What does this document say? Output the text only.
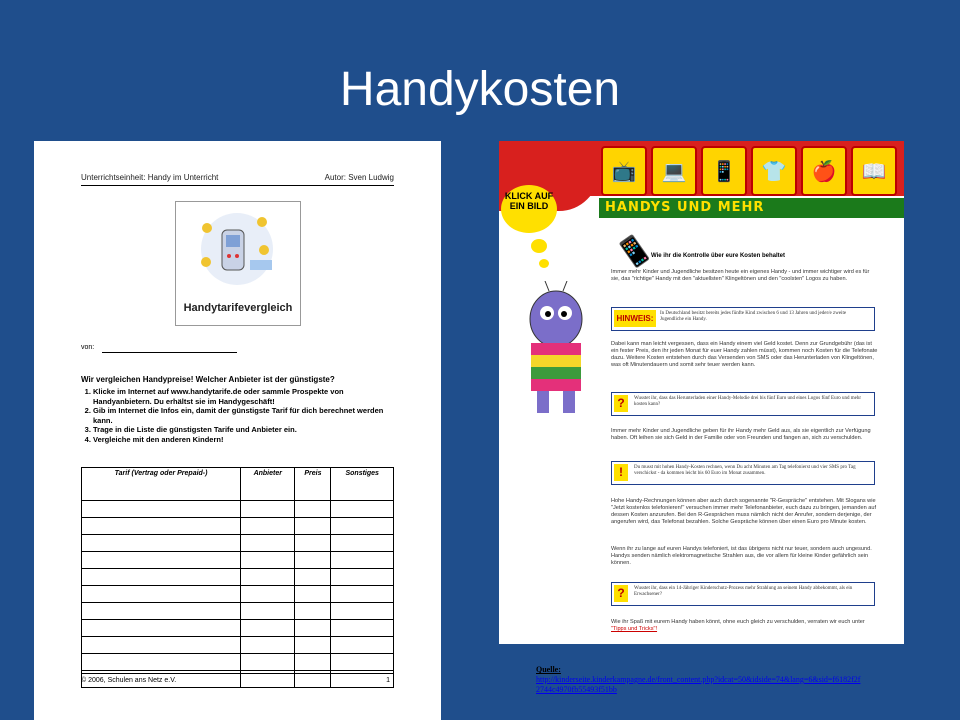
Handykosten
Unterrichtseinheit: Handy im Unterricht	Autor: Sven Ludwig
Handytarifevergleich
von:
Wir vergleichen Handypreise! Welcher Anbieter ist der günstigste?
1. Klicke im Internet auf www.handytarife.de oder sammle Prospekte von Handyanbietern. Du erhältst sie im Handygeschäft!
2. Gib im Internet die Infos ein, damit der günstigste Tarif für dich berechnet werden kann.
3. Trage in die Liste die günstigsten Tarife und Anbieter ein.
4. Vergleiche mit den anderen Kindern!
Tarif (Vertrag oder Prepaid-)	Anbieter	Preis	Sonstiges

© 2006, Schulen ans Netz e.V.	1
📺	💻	📱	👕	🍎	📖
HANDYS UND MEHR
KLICK AUF EIN BILD
📱
Wie ihr die Kontrolle über eure Kosten behaltet

Immer mehr Kinder und Jugendliche besitzen heute ein eigenes Handy - und immer wichtiger wird es für sie, das "richtige" Handy mit den "aktuellsten" Klingeltönen und den "coolsten" Logos zu haben.

HINWEIS:
In Deutschland besitzt bereits jedes fünfte Kind zwischen 6 und 13 Jahren und jeder/e zweite Jugendliche ein Handy.

Dabei kann man leicht vergessen, dass ein Handy einem viel Geld kostet. Denn zur Grundgebühr (das ist ein fester Preis, den ihr jeden Monat für euer Handy zahlen müsst), kommen noch Kosten für die Telefonate dazu. Weitere Kosten entstehen durch das Versenden von SMS oder das Herunterladen von Klingeltönen, was oft Minutendauern und somit sehr teuer werden kann.

?	Wusstet ihr, dass das Herunterladen einer Handy-Melodie drei bis fünf Euro und eines Logos fünf Euro und mehr kosten kann?

Immer mehr Kinder und Jugendliche geben für ihr Handy mehr Geld aus, als sie eigentlich zur Verfügung haben. Oft leihen sie sich Geld in der Familie oder von Freunden und fangen an, sich zu verschulden.

!	Du musst mit hohen Handy-Kosten rechnen, wenn Du acht Minuten am Tag telefonierst und vier SMS pro Tag verschickst - da kommen leicht bis 60 Euro im Monat zusammen.

Hohe Handy-Rechnungen können aber auch durch sogenannte "R-Gespräche" entstehen. Mit Slogans wie "Jetzt kostenlos telefonieren!" versuchen immer mehr Telefonanbieter, euch dazu zu bringen, jemanden auf dessen Kosten anzurufen. Bei den R-Gesprächen muss nämlich nicht der Anrufer, sondern derjenige, der angerufen wird, das Telefonat bezahlen. Solche Gespräche können über einen Euro pro Minute kosten.

Wenn ihr zu lange auf euren Handys telefoniert, ist das übrigens nicht nur teuer, sondern auch ungesund. Handys senden nämlich elektromagnetische Strahlen aus, die vor allem für kleine Kinder gefährlich sein können.

?	Wusstet ihr, dass ein 14-Jähriger Kinderschutz-Prozess mehr Strahlung an seinem Handy abbekommt, als ein Erwachsener?

Wie ihr Spaß mit eurem Handy haben könnt, ohne euch gleich zu verschulden, verraten wir euch unter "Tipps und Tricks"!

Quelle:
http://kinderseite.kinderkampagne.de/front_content.php?idcat=50&idside=74&lang=6&sid=f6182f2f2744c4970fb55493f51bb
